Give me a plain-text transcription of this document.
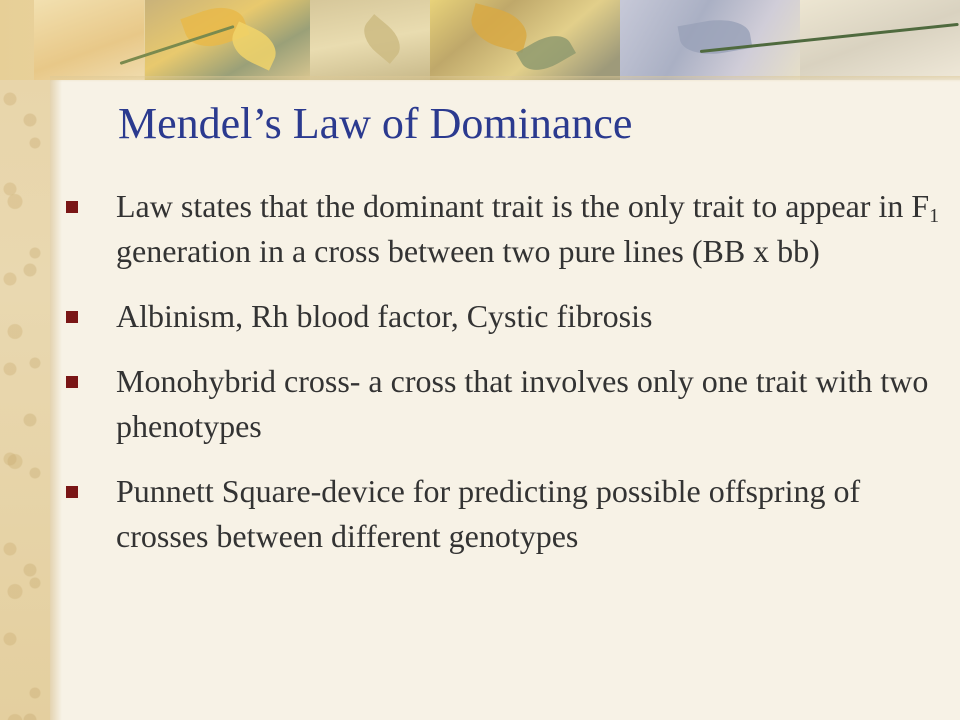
Mendel’s Law of Dominance
Law states that the dominant trait is the only trait to appear in $F_1$ generation in a cross between two pure lines (BB x bb)
Albinism, Rh blood factor, Cystic fibrosis
Monohybrid cross- a cross that involves only one trait with two phenotypes
Punnett Square-device for predicting possible offspring of crosses between different genotypes
